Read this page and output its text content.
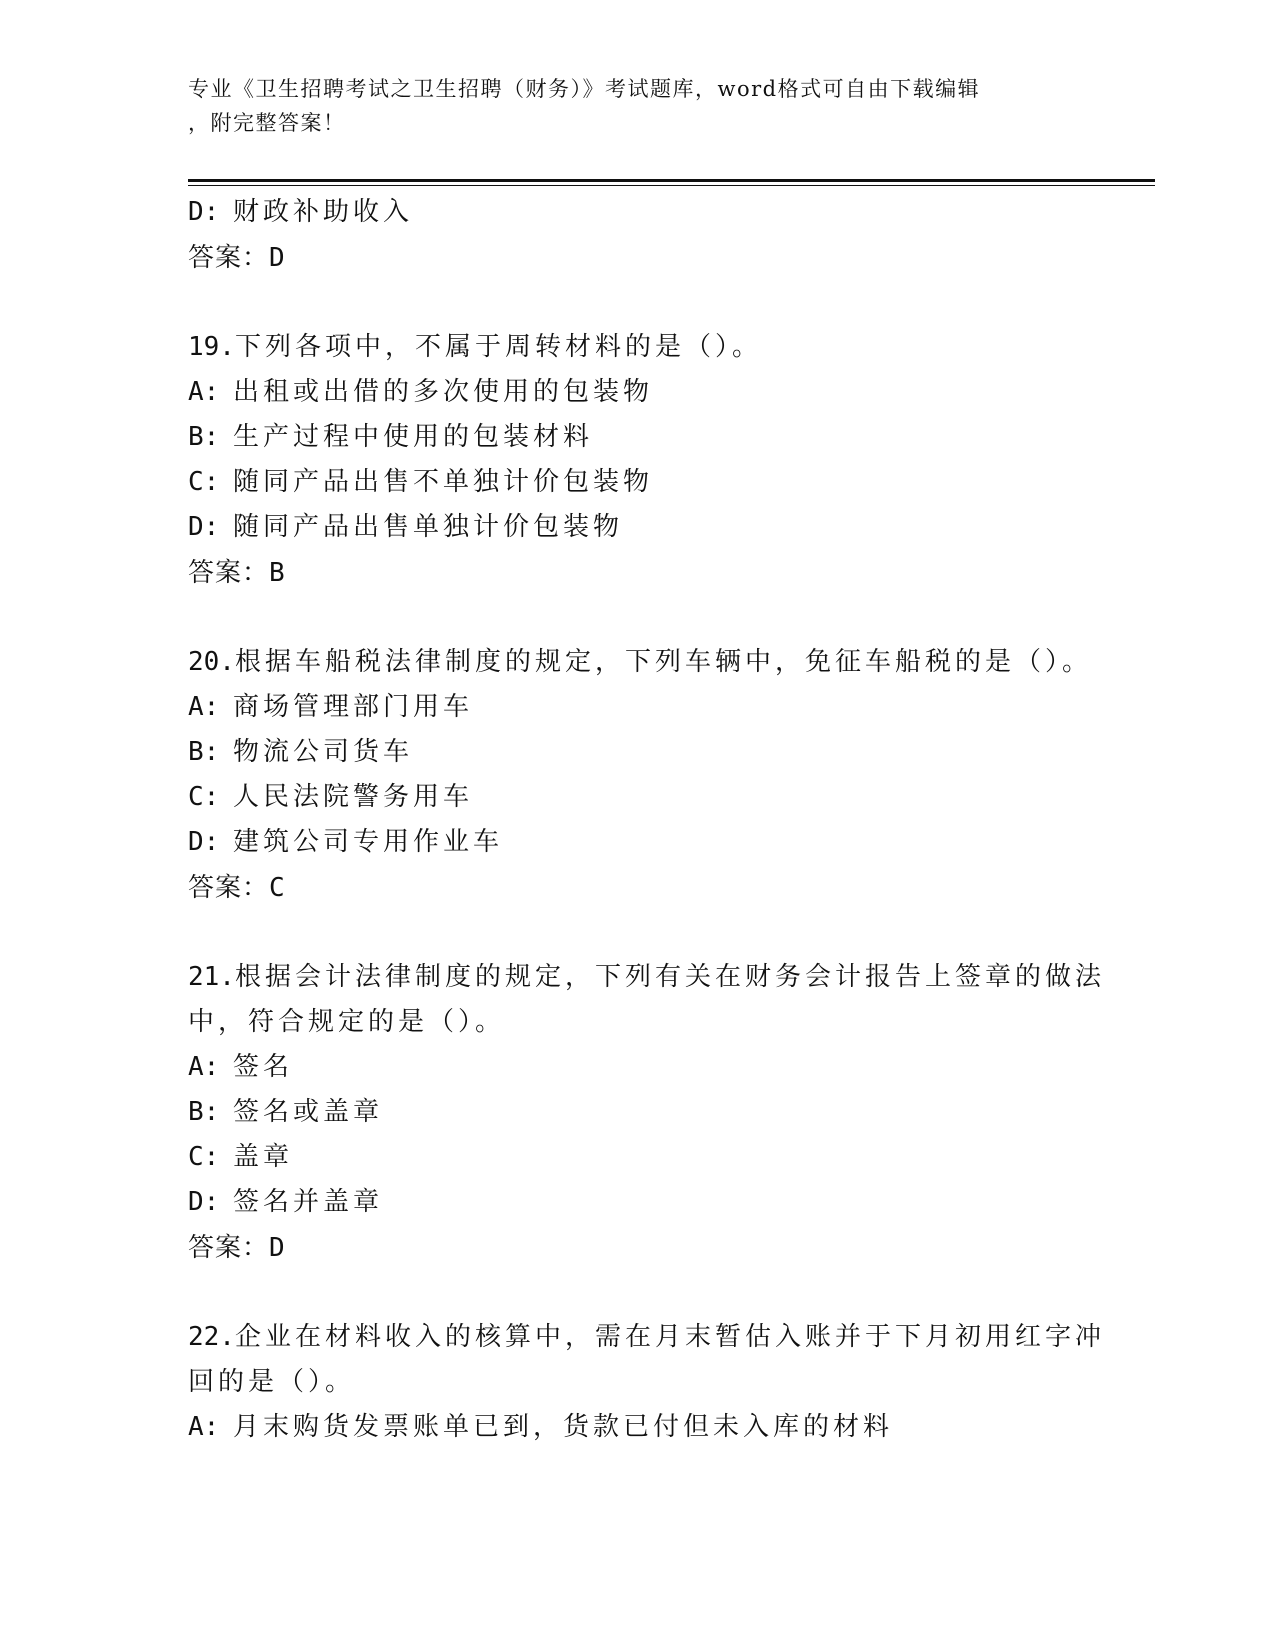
专业《卫生招聘考试之卫生招聘（财务）》考试题库，word格式可自由下载编辑
，附完整答案！
D: 财政补助收入
答案：D
19.下列各项中，不属于周转材料的是（）。
A: 出租或出借的多次使用的包装物
B: 生产过程中使用的包装材料
C: 随同产品出售不单独计价包装物
D: 随同产品出售单独计价包装物
答案：B
20.根据车船税法律制度的规定，下列车辆中，免征车船税的是（）。
A: 商场管理部门用车
B: 物流公司货车
C: 人民法院警务用车
D: 建筑公司专用作业车
答案：C
21.根据会计法律制度的规定，下列有关在财务会计报告上签章的做法
中，符合规定的是（）。
A: 签名
B: 签名或盖章
C: 盖章
D: 签名并盖章
答案：D
22.企业在材料收入的核算中，需在月末暂估入账并于下月初用红字冲
回的是（）。
A: 月末购货发票账单已到，货款已付但未入库的材料
